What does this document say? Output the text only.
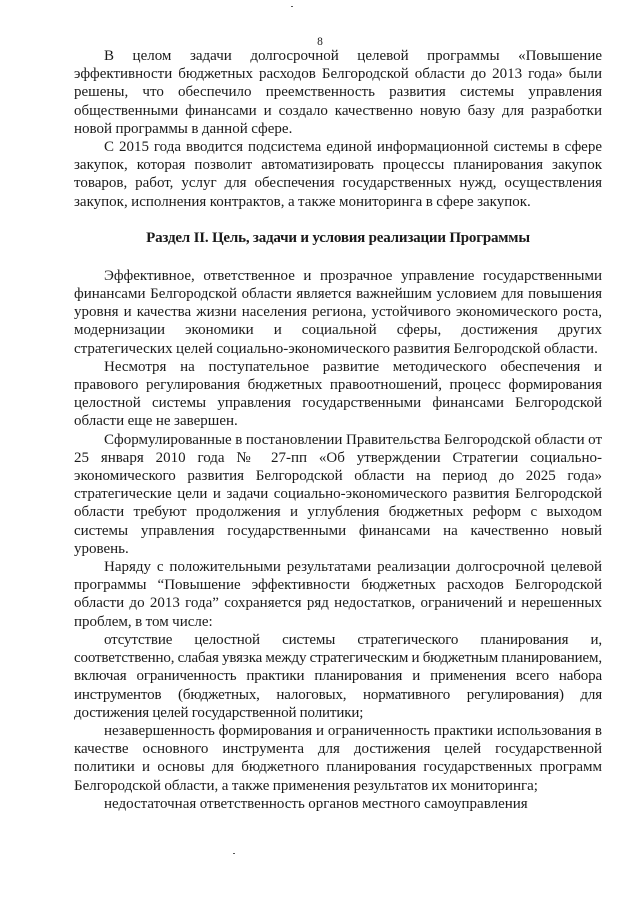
8

В целом задачи долгосрочной целевой программы «Повышение эффективности бюджетных расходов Белгородской области до 2013 года» были решены, что обеспечило преемственность развития системы управления общественными финансами и создало качественно новую базу для разработки новой программы в данной сфере.

С 2015 года вводится подсистема единой информационной системы в сфере закупок, которая позволит автоматизировать процессы планирования закупок товаров, работ, услуг для обеспечения государственных нужд, осуществления закупок, исполнения контрактов, а также мониторинга в сфере закупок.

Раздел II. Цель, задачи и условия реализации Программы

Эффективное, ответственное и прозрачное управление государственными финансами Белгородской области является важнейшим условием для повышения уровня и качества жизни населения региона, устойчивого экономического роста, модернизации экономики и социальной сферы, достижения других стратегических целей социально-экономического развития Белгородской области.

Несмотря на поступательное развитие методического обеспечения и правового регулирования бюджетных правоотношений, процесс формирования целостной системы управления государственными финансами Белгородской области еще не завершен.

Сформулированные в постановлении Правительства Белгородской области от 25 января 2010 года № 27-пп «Об утверждении Стратегии социально-экономического развития Белгородской области на период до 2025 года» стратегические цели и задачи социально-экономического развития Белгородской области требуют продолжения и углубления бюджетных реформ с выходом системы управления государственными финансами на качественно новый уровень.

Наряду с положительными результатами реализации долгосрочной целевой программы “Повышение эффективности бюджетных расходов Белгородской области до 2013 года” сохраняется ряд недостатков, ограничений и нерешенных проблем, в том числе:

отсутствие целостной системы стратегического планирования и, соответственно, слабая увязка между стратегическим и бюджетным планированием, включая ограниченность практики планирования и применения всего набора инструментов (бюджетных, налоговых, нормативного регулирования) для достижения целей государственной политики;

незавершенность формирования и ограниченность практики использования в качестве основного инструмента для достижения целей государственной политики и основы для бюджетного планирования государственных программ Белгородской области, а также применения результатов их мониторинга;

недостаточная ответственность органов местного самоуправления
